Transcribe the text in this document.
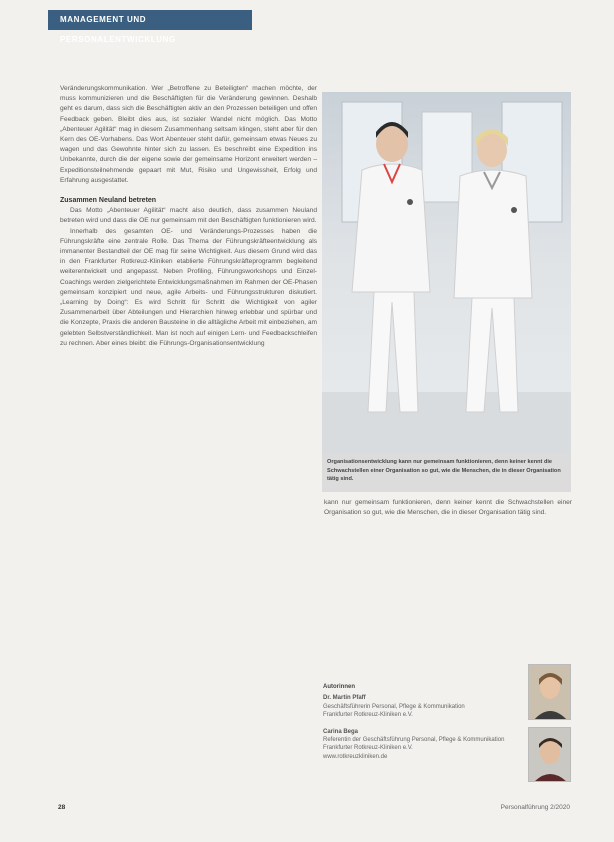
MANAGEMENT UND PERSONALENTWICKLUNG

Veränderungskommunikation. Wer „Betroffene zu Beteiligten“ machen möchte, der muss kommunizieren und die Beschäftigten für die Veränderung gewinnen. Deshalb geht es darum, dass sich die Beschäftigten aktiv an den Prozessen beteiligen und offen Feedback geben. Bleibt dies aus, ist sozialer Wandel nicht möglich. Das Motto „Abenteuer Agilität“ mag in diesem Zusammenhang seltsam klingen, steht aber für den Kern des OE-Vorhabens. Das Wort Abenteuer steht dafür, gemeinsam etwas Neues zu wagen und das Gewohnte hinter sich zu lassen. Es beschreibt eine Expedition ins Unbekannte, durch die der eigene sowie der gemeinsame Horizont erweitert werden – Expeditionsteilnehmende gepaart mit Mut, Risiko und Ungewissheit, Erfolg und Erfahrung ausgestattet.

Zusammen Neuland betreten

Das Motto „Abenteuer Agilität“ macht also deutlich, dass zusammen Neuland betreten wird und dass die OE nur gemeinsam mit den Beschäftigten funktionieren wird.

Innerhalb des gesamten OE- und Veränderungs-Prozesses haben die Führungskräfte eine zentrale Rolle. Das Thema der Führungskräfteentwicklung als immanenter Bestandteil der OE mag für seine Wichtigkeit. Aus diesem Grund wird das in den Frankfurter Rotkreuz-Kliniken etablierte Führungskräfteprogramm begleitend weiterentwickelt und angepasst. Neben Profiling, Führungsworkshops und Einzel-Coachings werden zielgerichtete Entwicklungsmaßnahmen im Rahmen der OE-Phasen gemeinsam konzipiert und neue, agile Arbeits- und Führungsstrukturen diskutiert. „Learning by Doing“: Es wird Schritt für Schritt die Wichtigkeit von agiler Zusammenarbeit über Abteilungen und Hierarchien hinweg erlebbar und spürbar und die Konzepte, Praxis die anderen Bausteine in die alltägliche Arbeit mit einbeziehen, am gelebten Selbstverständlichkeit. Man ist noch auf einigen Lern- und Feedbackschleifen zu rechnen. Aber eines bleibt: die Führungs-Organisationsentwicklung

Organisationsentwicklung kann nur gemeinsam funktionieren, denn keiner kennt die Schwachstellen einer Organisation so gut, wie die Menschen, die in dieser Organisation tätig sind.

kann nur gemeinsam funktionieren, denn keiner kennt die Schwachstellen einer Organisation so gut, wie die Menschen, die in dieser Organisation tätig sind.

Autorinnen
Dr. Martin Pfaff
Geschäftsführerin Personal, Pflege & Kommunikation
Frankfurter Rotkreuz-Kliniken e.V.
Carina Bega
Referentin der Geschäftsführung Personal, Pflege & Kommunikation
Frankfurter Rotkreuz-Kliniken e.V.
www.rotkreuzkliniken.de
28	Personalführung 2/2020
